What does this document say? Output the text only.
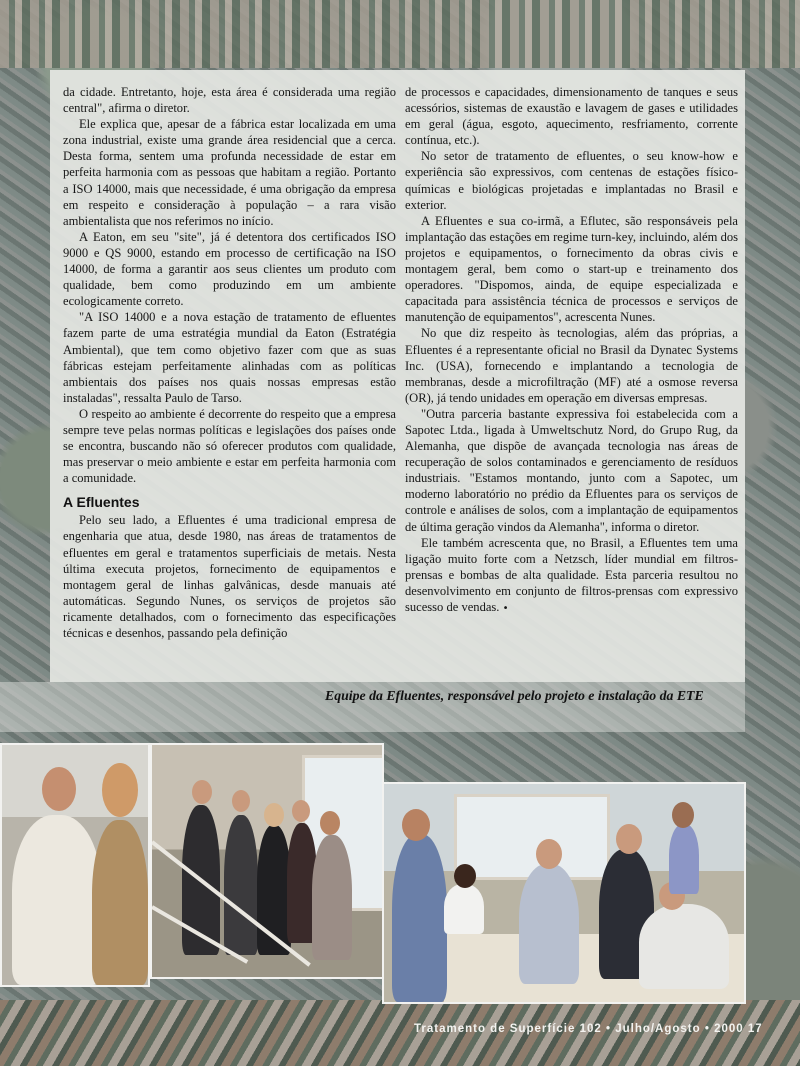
da cidade. Entretanto, hoje, esta área é considerada uma região central", afirma o diretor.

Ele explica que, apesar de a fábrica estar localizada em uma zona industrial, existe uma grande área residencial que a cerca. Desta forma, sentem uma profunda necessidade de estar em perfeita harmonia com as pessoas que habitam a região. Portanto a ISO 14000, mais que necessidade, é uma obrigação da empresa em respeito e consideração à população – a rara visão ambientalista que nos referimos no início.

A Eaton, em seu "site", já é detentora dos certificados ISO 9000 e QS 9000, estando em processo de certificação na ISO 14000, de forma a garantir aos seus clientes um produto com qualidade, bem como produzindo em um ambiente ecologicamente correto.

"A ISO 14000 e a nova estação de tratamento de efluentes fazem parte de uma estratégia mundial da Eaton (Estratégia Ambiental), que tem como objetivo fazer com que as suas fábricas estejam perfeitamente alinhadas com as políticas ambientais dos países nos quais nossas empresas estão instaladas", ressalta Paulo de Tarso.

O respeito ao ambiente é decorrente do respeito que a empresa sempre teve pelas normas políticas e legislações dos países onde se encontra, buscando não só oferecer produtos com qualidade, mas preservar o meio ambiente e estar em perfeita harmonia com a comunidade.

A Efluentes

Pelo seu lado, a Efluentes é uma tradicional empresa de engenharia que atua, desde 1980, nas áreas de tratamentos de efluentes em geral e tratamentos superficiais de metais. Nesta última executa projetos, fornecimento de equipamentos e montagem geral de linhas galvânicas, desde manuais até automáticas. Segundo Nunes, os serviços de projetos são ricamente detalhados, com o fornecimento das especificações técnicas e desenhos, passando pela definição

de processos e capacidades, dimensionamento de tanques e seus acessórios, sistemas de exaustão e lavagem de gases e utilidades em geral (água, esgoto, aquecimento, resfriamento, corrente contínua, etc.).

No setor de tratamento de efluentes, o seu know-how e experiência são expressivos, com centenas de estações físico-químicas e biológicas projetadas e implantadas no Brasil e exterior.

A Efluentes e sua co-irmã, a Efluteс, são responsáveis pela implantação das estações em regime turn-key, incluindo, além dos projetos e equipamentos, o fornecimento da obras civis e montagem geral, bem como o start-up e treinamento dos operadores. "Dispomos, ainda, de equipe especializada e capacitada para assistência técnica de processos e serviços de manutenção de equipamentos", acrescenta Nunes.

No que diz respeito às tecnologias, além das próprias, a Efluentes é a representante oficial no Brasil da Dynatec Systems Inc. (USA), fornecendo e implantando a tecnologia de membranas, desde a microfiltração (MF) até a osmose reversa (OR), já tendo unidades em operação em diversas empresas.

"Outra parceria bastante expressiva foi estabelecida com a Sapotec Ltda., ligada à Umweltschutz Nord, do Grupo Rug, da Alemanha, que dispõe de avançada tecnologia nas áreas de recuperação de solos contaminados e gerenciamento de resíduos industriais. "Estamos montando, junto com a Sapotec, um moderno laboratório no prédio da Efluentes para os serviços de controle e análises de solos, com a implantação de equipamentos de última geração vindos da Alemanha", informa o diretor.

Ele também acrescenta que, no Brasil, a Efluentes tem uma ligação muito forte com a Netzsch, líder mundial em filtros-prensas e bombas de alta qualidade. Esta parceria resultou no desenvolvimento em conjunto de filtros-prensas com expressivo sucesso de vendas. •

Equipe da Efluentes, responsável pelo projeto e instalação da ETE
Tratamento de Superfície 102 • Julho/Agosto • 2000 17
